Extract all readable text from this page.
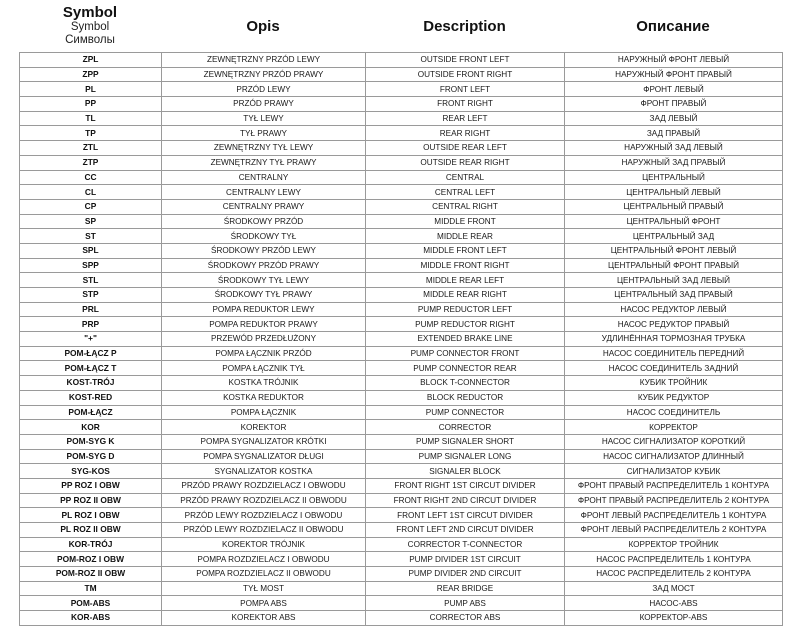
Symbol
Symbol
Символы
Opis	Description	Описание
ZPL	ZEWNĘTRZNY PRZÓD LEWY	OUTSIDE FRONT LEFT	НАРУЖНЫЙ ФРОНТ ЛЕВЫЙ
ZPP	ZEWNĘTRZNY PRZÓD PRAWY	OUTSIDE FRONT RIGHT	НАРУЖНЫЙ ФРОНТ ПРАВЫЙ
PL	PRZÓD LEWY	FRONT LEFT	ФРОНТ ЛЕВЫЙ
PP	PRZÓD PRAWY	FRONT RIGHT	ФРОНТ ПРАВЫЙ
TL	TYŁ LEWY	REAR LEFT	ЗАД ЛЕВЫЙ
TP	TYŁ PRAWY	REAR RIGHT	ЗАД ПРАВЫЙ
ZTL	ZEWNĘTRZNY TYŁ LEWY	OUTSIDE REAR LEFT	НАРУЖНЫЙ ЗАД ЛЕВЫЙ
ZTP	ZEWNĘTRZNY TYŁ PRAWY	OUTSIDE REAR RIGHT	НАРУЖНЫЙ ЗАД ПРАВЫЙ
CC	CENTRALNY	CENTRAL	ЦЕНТРАЛЬНЫЙ
CL	CENTRALNY LEWY	CENTRAL LEFT	ЦЕНТРАЛЬНЫЙ ЛЕВЫЙ
CP	CENTRALNY PRAWY	CENTRAL RIGHT	ЦЕНТРАЛЬНЫЙ ПРАВЫЙ
SP	ŚRODKOWY PRZÓD	MIDDLE FRONT	ЦЕНТРАЛЬНЫЙ ФРОНТ
ST	ŚRODKOWY TYŁ	MIDDLE REAR	ЦЕНТРАЛЬНЫЙ ЗАД
SPL	ŚRODKOWY PRZÓD LEWY	MIDDLE FRONT LEFT	ЦЕНТРАЛЬНЫЙ ФРОНТ ЛЕВЫЙ
SPP	ŚRODKOWY PRZÓD PRAWY	MIDDLE FRONT RIGHT	ЦЕНТРАЛЬНЫЙ ФРОНТ ПРАВЫЙ
STL	ŚRODKOWY TYŁ LEWY	MIDDLE REAR LEFT	ЦЕНТРАЛЬНЫЙ ЗАД ЛЕВЫЙ
STP	ŚRODKOWY TYŁ PRAWY	MIDDLE REAR RIGHT	ЦЕНТРАЛЬНЫЙ ЗАД ПРАВЫЙ
PRL	POMPA REDUKTOR LEWY	PUMP REDUCTOR LEFT	НАСОС РЕДУКТОР ЛЕВЫЙ
PRP	POMPA REDUKTOR PRAWY	PUMP REDUCTOR RIGHT	НАСОС РЕДУКТОР ПРАВЫЙ
"+"	PRZEWÓD PRZEDŁUŻONY	EXTENDED BRAKE LINE	УДЛИНЁННАЯ ТОРМОЗНАЯ ТРУБКА
POM-ŁĄCZ P	POMPA ŁĄCZNIK PRZÓD	PUMP CONNECTOR FRONT	НАСОС СОЕДИНИТЕЛЬ ПЕРЕДНИЙ
POM-ŁĄCZ T	POMPA ŁĄCZNIK TYŁ	PUMP CONNECTOR REAR	НАСОС СОЕДИНИТЕЛЬ ЗАДНИЙ
KOST-TRÓJ	KOSTKA TRÓJNIK	BLOCK T-CONNECTOR	КУБИК ТРОЙНИК
KOST-RED	KOSTKA REDUKTOR	BLOCK REDUCTOR	КУБИК РЕДУКТОР
POM-ŁĄCZ	POMPA ŁĄCZNIK	PUMP CONNECTOR	НАСОС СОЕДИНИТЕЛЬ
KOR	KOREKTOR	CORRECTOR	КОРРЕКТОР
POM-SYG K	POMPA SYGNALIZATOR KRÓTKI	PUMP SIGNALER SHORT	НАСОС СИГНАЛИЗАТОР КОРОТКИЙ
POM-SYG D	POMPA SYGNALIZATOR DŁUGI	PUMP SIGNALER LONG	НАСОС СИГНАЛИЗАТОР ДЛИННЫЙ
SYG-KOS	SYGNALIZATOR KOSTKA	SIGNALER BLOCK	СИГНАЛИЗАТОР КУБИК
PP ROZ I OBW	PRZÓD PRAWY ROZDZIELACZ I OBWODU	FRONT RIGHT 1ST CIRCUT DIVIDER	ФРОНТ ПРАВЫЙ РАСПРЕДЕЛИТЕЛЬ 1 КОНТУРА
PP ROZ II OBW	PRZÓD PRAWY ROZDZIELACZ II OBWODU	FRONT RIGHT 2ND CIRCUT DIVIDER	ФРОНТ ПРАВЫЙ РАСПРЕДЕЛИТЕЛЬ 2 КОНТУРА
PL ROZ I OBW	PRZÓD LEWY ROZDZIELACZ I OBWODU	FRONT LEFT 1ST CIRCUT DIVIDER	ФРОНТ ЛЕВЫЙ РАСПРЕДЕЛИТЕЛЬ 1 КОНТУРА
PL ROZ II OBW	PRZÓD LEWY ROZDZIELACZ II OBWODU	FRONT LEFT 2ND CIRCUT DIVIDER	ФРОНТ ЛЕВЫЙ РАСПРЕДЕЛИТЕЛЬ 2 КОНТУРА
KOR-TRÓJ	KOREKTOR TRÓJNIK	CORRECTOR T-CONNECTOR	КОРРЕКТОР ТРОЙНИК
POM-ROZ I OBW	POMPA ROZDZIELACZ I OBWODU	PUMP DIVIDER 1ST CIRCUIT	НАСОС РАСПРЕДЕЛИТЕЛЬ 1 КОНТУРА
POM-ROZ II OBW	POMPA ROZDZIELACZ II OBWODU	PUMP DIVIDER 2ND CIRCUIT	НАСОС РАСПРЕДЕЛИТЕЛЬ 2 КОНТУРА
TM	TYŁ MOST	REAR BRIDGE	ЗАД МОСТ
POM-ABS	POMPA ABS	PUMP ABS	НАСОС-ABS
KOR-ABS	KOREKTOR ABS	CORRECTOR ABS	КОРРЕКТОР-ABS
